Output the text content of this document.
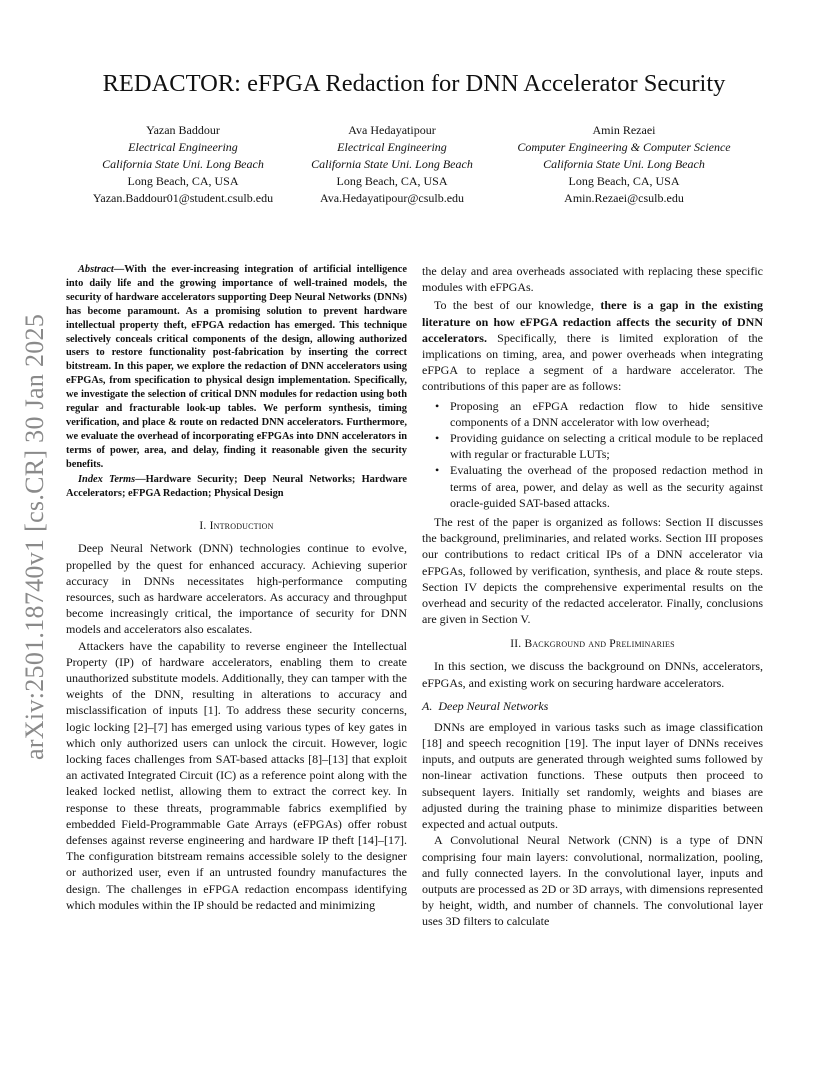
REDACTOR: eFPGA Redaction for DNN Accelerator Security
Yazan Baddour
Electrical Engineering
California State Uni. Long Beach
Long Beach, CA, USA
Yazan.Baddour01@student.csulb.edu
Ava Hedayatipour
Electrical Engineering
California State Uni. Long Beach
Long Beach, CA, USA
Ava.Hedayatipour@csulb.edu
Amin Rezaei
Computer Engineering & Computer Science
California State Uni. Long Beach
Long Beach, CA, USA
Amin.Rezaei@csulb.edu
arXiv:2501.18740v1 [cs.CR] 30 Jan 2025

Abstract—With the ever-increasing integration of artificial intelligence into daily life and the growing importance of well-trained models, the security of hardware accelerators supporting Deep Neural Networks (DNNs) has become paramount. As a promising solution to prevent hardware intellectual property theft, eFPGA redaction has emerged. This technique selectively conceals critical components of the design, allowing authorized users to restore functionality post-fabrication by inserting the correct bitstream. In this paper, we explore the redaction of DNN accelerators using eFPGAs, from specification to physical design implementation. Specifically, we investigate the selection of critical DNN modules for redaction using both regular and fracturable look-up tables. We perform synthesis, timing verification, and place & route on redacted DNN accelerators. Furthermore, we evaluate the overhead of incorporating eFPGAs into DNN accelerators in terms of power, area, and delay, finding it reasonable given the security benefits.

Index Terms—Hardware Security; Deep Neural Networks; Hardware Accelerators; eFPGA Redaction; Physical Design

I. Introduction

Deep Neural Network (DNN) technologies continue to evolve, propelled by the quest for enhanced accuracy. Achieving superior accuracy in DNNs necessitates high-performance computing resources, such as hardware accelerators. As accuracy and throughput become increasingly critical, the importance of security for DNN models and accelerators also escalates.

Attackers have the capability to reverse engineer the Intellectual Property (IP) of hardware accelerators, enabling them to create unauthorized substitute models. Additionally, they can tamper with the weights of the DNN, resulting in alterations to accuracy and misclassification of inputs [1]. To address these security concerns, logic locking [2]–[7] has emerged using various types of key gates in which only authorized users can unlock the circuit. However, logic locking faces challenges from SAT-based attacks [8]–[13] that exploit an activated Integrated Circuit (IC) as a reference point along with the leaked locked netlist, allowing them to extract the correct key. In response to these threats, programmable fabrics exemplified by embedded Field-Programmable Gate Arrays (eFPGAs) offer robust defenses against reverse engineering and hardware IP theft [14]–[17]. The configuration bitstream remains accessible solely to the designer or authorized user, even if an untrusted foundry manufactures the design. The challenges in eFPGA redaction encompass identifying which modules within the IP should be redacted and minimizing

the delay and area overheads associated with replacing these specific modules with eFPGAs.

To the best of our knowledge, there is a gap in the existing literature on how eFPGA redaction affects the security of DNN accelerators. Specifically, there is limited exploration of the implications on timing, area, and power overheads when integrating eFPGA to replace a segment of a hardware accelerator. The contributions of this paper are as follows:

• Proposing an eFPGA redaction flow to hide sensitive components of a DNN accelerator with low overhead;
• Providing guidance on selecting a critical module to be replaced with regular or fracturable LUTs;
• Evaluating the overhead of the proposed redaction method in terms of area, power, and delay as well as the security against oracle-guided SAT-based attacks.

The rest of the paper is organized as follows: Section II discusses the background, preliminaries, and related works. Section III proposes our contributions to redact critical IPs of a DNN accelerator via eFPGAs, followed by verification, synthesis, and place & route steps. Section IV depicts the comprehensive experimental results on the overhead and security of the redacted accelerator. Finally, conclusions are given in Section V.

II. Background and Preliminaries

In this section, we discuss the background on DNNs, accelerators, eFPGAs, and existing work on securing hardware accelerators.

A.  Deep Neural Networks

DNNs are employed in various tasks such as image classification [18] and speech recognition [19]. The input layer of DNNs receives inputs, and outputs are generated through weighted sums followed by non-linear activation functions. These outputs then proceed to subsequent layers. Initially set randomly, weights and biases are adjusted during the training phase to minimize disparities between expected and actual outputs.

A Convolutional Neural Network (CNN) is a type of DNN comprising four main layers: convolutional, normalization, pooling, and fully connected layers. In the convolutional layer, inputs and outputs are processed as 2D or 3D arrays, with dimensions represented by height, width, and number of channels. The convolutional layer uses 3D filters to calculate
